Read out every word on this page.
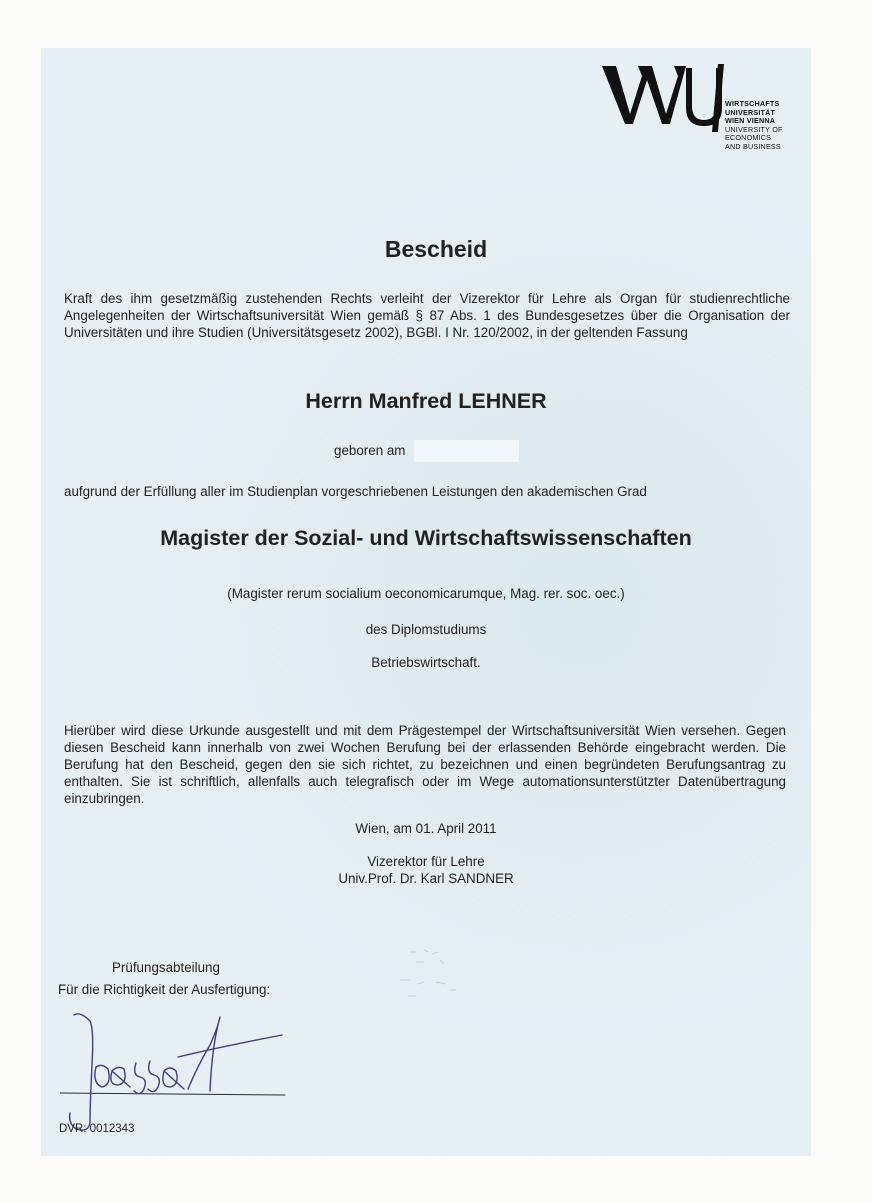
WIRTSCHAFTS
UNIVERSITÄT
WIEN VIENNA
UNIVERSITY OF
ECONOMICS
AND BUSINESS
Bescheid
Kraft des ihm gesetzmäßig zustehenden Rechts verleiht der Vizerektor für Lehre als Organ für studienrechtliche Angelegenheiten der Wirtschaftsuniversität Wien gemäß § 87 Abs. 1 des Bundesgesetzes über die Organisation der Universitäten und ihre Studien (Universitätsgesetz 2002), BGBl. I Nr. 120/2002, in der geltenden Fassung
Herrn Manfred LEHNER
geboren am
aufgrund der Erfüllung aller im Studienplan vorgeschriebenen Leistungen den akademischen Grad
Magister der Sozial- und Wirtschaftswissenschaften
(Magister rerum socialium oeconomicarumque, Mag. rer. soc. oec.)
des Diplomstudiums
Betriebswirtschaft.
Hierüber wird diese Urkunde ausgestellt und mit dem Prägestempel der Wirtschaftsuniversität Wien versehen. Gegen diesen Bescheid kann innerhalb von zwei Wochen Berufung bei der erlassenden Behörde eingebracht werden. Die Berufung hat den Bescheid, gegen den sie sich richtet, zu bezeichnen und einen begründeten Berufungsantrag zu enthalten. Sie ist schriftlich, allenfalls auch telegrafisch oder im Wege automationsunterstützter Datenübertragung einzubringen.
Wien, am 01. April 2011
Vizerektor für Lehre
Univ.Prof. Dr. Karl SANDNER
Prüfungsabteilung
Für die Richtigkeit der Ausfertigung:
DVR: 0012343
